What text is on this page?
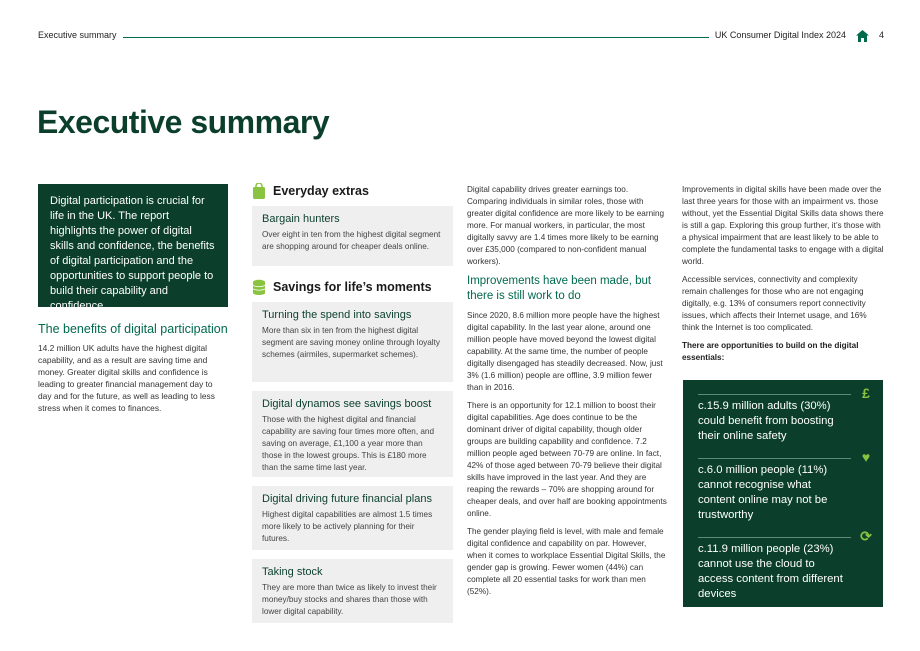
Executive summary	UK Consumer Digital Index 2024	4
Executive summary
Digital participation is crucial for life in the UK. The report highlights the power of digital skills and confidence, the benefits of digital participation and the opportunities to support people to build their capability and confidence.
The benefits of digital participation
14.2 million UK adults have the highest digital capability, and as a result are saving time and money. Greater digital skills and confidence is leading to greater financial management day to day and for the future, as well as leading to less stress when it comes to finances.
Everyday extras
Bargain hunters
Over eight in ten from the highest digital segment are shopping around for cheaper deals online.
Savings for life’s moments
Turning the spend into savings
More than six in ten from the highest digital segment are saving money online through loyalty schemes (airmiles, supermarket schemes).
Digital dynamos see savings boost
Those with the highest digital and financial capability are saving four times more often, and saving on average, £1,100 a year more than those in the lowest groups. This is £180 more than the same time last year.
Digital driving future financial plans
Highest digital capabilities are almost 1.5 times more likely to be actively planning for their futures.
Taking stock
They are more than twice as likely to invest their money/buy stocks and shares than those with lower digital capability.

Digital capability drives greater earnings too. Comparing individuals in similar roles, those with greater digital confidence are more likely to be earning more. For manual workers, in particular, the most digitally savvy are 1.4 times more likely to be earning over £35,000 (compared to non-confident manual workers).

Improvements have been made, but there is still work to do

Since 2020, 8.6 million more people have the highest digital capability. In the last year alone, around one million people have moved beyond the lowest digital capability. At the same time, the number of people digitally disengaged has steadily decreased. Now, just 3% (1.6 million) people are offline, 3.9 million fewer than in 2016.

There is an opportunity for 12.1 million to boost their digital capabilities. Age does continue to be the dominant driver of digital capability, though older groups are building capability and confidence. 7.2 million people aged between 70-79 are online. In fact, 42% of those aged between 70-79 believe their digital skills have improved in the last year. And they are reaping the rewards – 70% are shopping around for cheaper deals, and over half are booking appointments online.

The gender playing field is level, with male and female digital confidence and capability on par. However, when it comes to workplace Essential Digital Skills, the gender gap is growing. Fewer women (44%) can complete all 20 essential tasks for work than men (52%).

Improvements in digital skills have been made over the last three years for those with an impairment vs. those without, yet the Essential Digital Skills data shows there is still a gap. Exploring this group further, it’s those with a physical impairment that are least likely to be able to complete the fundamental tasks to engage with a digital world.

Accessible services, connectivity and complexity remain challenges for those who are not engaging digitally, e.g. 13% of consumers report connectivity issues, which affects their Internet usage, and 16% think the Internet is too complicated.

There are opportunities to build on the digital essentials:

£
c.15.9 million adults (30%) could benefit from boosting their online safety
♥
c.6.0 million people (11%) cannot recognise what content online may not be trustworthy
⟳
c.11.9 million people (23%) cannot use the cloud to access content from different devices
